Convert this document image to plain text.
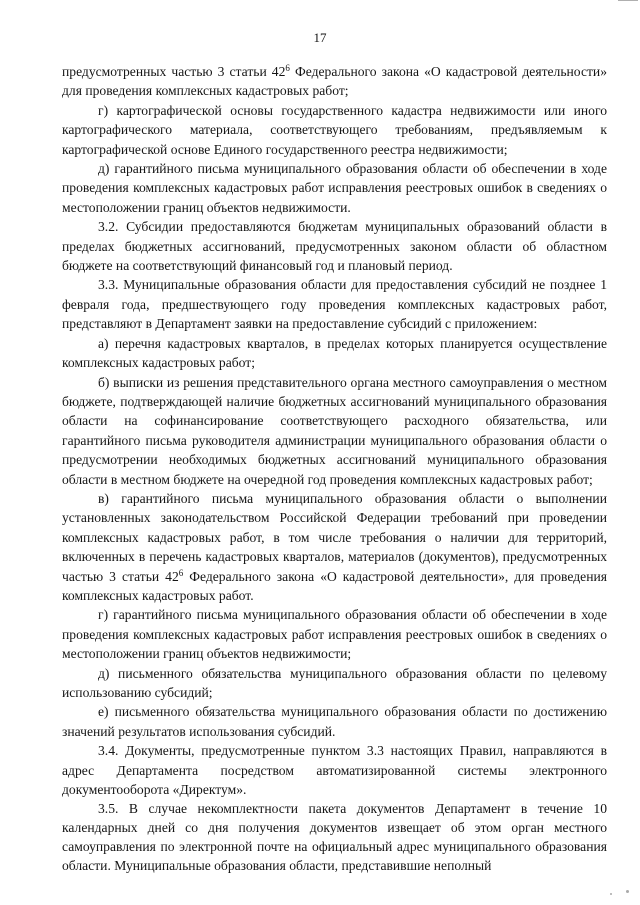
17

предусмотренных частью 3 статьи $42^6$ Федерального закона «О кадастровой деятельности» для проведения комплексных кадастровых работ;

г) картографической основы государственного кадастра недвижимости или иного картографического материала, соответствующего требованиям, предъявляемым к картографической основе Единого государственного реестра недвижимости;

д) гарантийного письма муниципального образования области об обеспечении в ходе проведения комплексных кадастровых работ исправления реестровых ошибок в сведениях о местоположении границ объектов недвижимости.

3.2. Субсидии предоставляются бюджетам муниципальных образований области в пределах бюджетных ассигнований, предусмотренных законом области об областном бюджете на соответствующий финансовый год и плановый период.

3.3. Муниципальные образования области для предоставления субсидий не позднее 1 февраля года, предшествующего году проведения комплексных кадастровых работ, представляют в Департамент заявки на предоставление субсидий с приложением:

а) перечня кадастровых кварталов, в пределах которых планируется осуществление комплексных кадастровых работ;

б) выписки из решения представительного органа местного самоуправления о местном бюджете, подтверждающей наличие бюджетных ассигнований муниципального образования области на софинансирование соответствующего расходного обязательства, или гарантийного письма руководителя администрации муниципального образования области о предусмотрении необходимых бюджетных ассигнований муниципального образования области в местном бюджете на очередной год проведения комплексных кадастровых работ;

в) гарантийного письма муниципального образования области о выполнении установленных законодательством Российской Федерации требований при проведении комплексных кадастровых работ, в том числе требования о наличии для территорий, включенных в перечень кадастровых кварталов, материалов (документов), предусмотренных частью 3 статьи $42^6$ Федерального закона «О кадастровой деятельности», для проведения комплексных кадастровых работ.

г) гарантийного письма муниципального образования области об обеспечении в ходе проведения комплексных кадастровых работ исправления реестровых ошибок в сведениях о местоположении границ объектов недвижимости;

д) письменного обязательства муниципального образования области по целевому использованию субсидий;

е) письменного обязательства муниципального образования области по достижению значений результатов использования субсидий.

3.4. Документы, предусмотренные пунктом 3.3 настоящих Правил, направляются в адрес Департамента посредством автоматизированной системы электронного документооборота «Директум».

3.5. В случае некомплектности пакета документов Департамент в течение 10 календарных дней со дня получения документов извещает об этом орган местного самоуправления по электронной почте на официальный адрес муниципального образования области. Муниципальные образования области, представившие неполный
